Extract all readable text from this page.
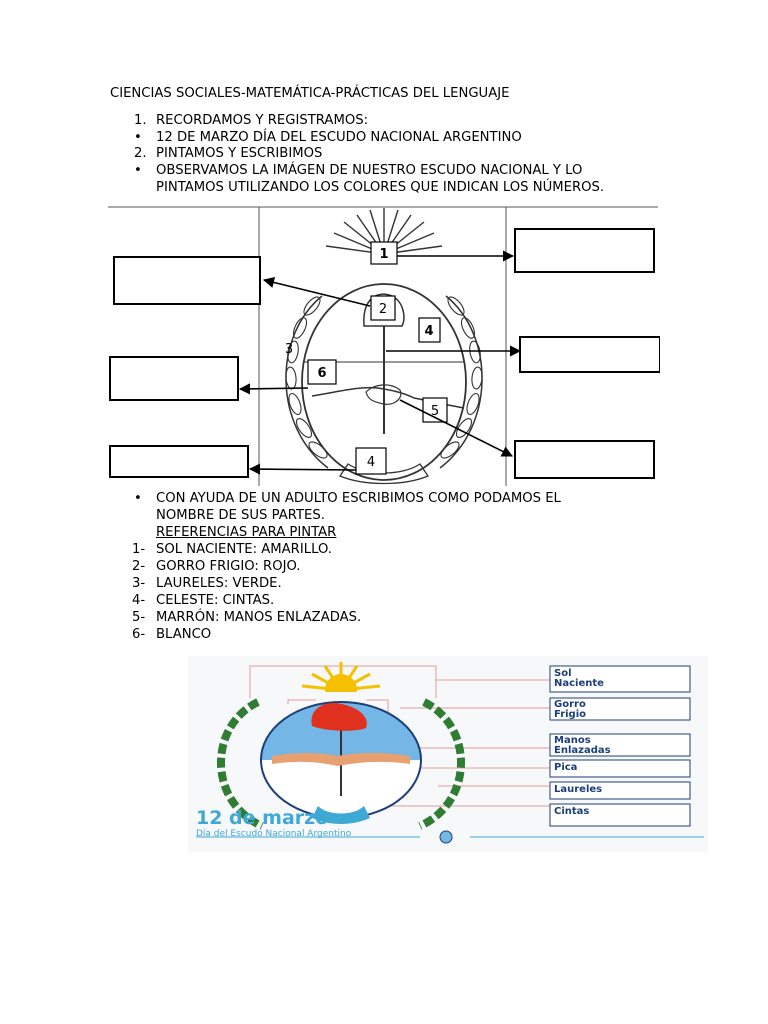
CIENCIAS SOCIALES-MATEMÁTICA-PRÁCTICAS DEL LENGUAJE
1. RECORDAMOS Y REGISTRAMOS:
•	12 DE MARZO DÍA DEL ESCUDO NACIONAL ARGENTINO
2. PINTAMOS Y ESCRIBIMOS
•	OBSERVAMOS LA IMÁGEN DE NUESTRO ESCUDO NACIONAL Y LO
PINTAMOS UTILIZANDO LOS COLORES QUE INDICAN LOS NÚMEROS.
1
2
3
4
5
6
4
•	CON AYUDA DE UN ADULTO ESCRIBIMOS COMO PODAMOS EL
NOMBRE DE SUS PARTES.
REFERENCIAS PARA PINTAR
1- SOL NACIENTE: AMARILLO.
2- GORRO FRIGIO: ROJO.
3- LAURELES: VERDE.
4- CELESTE: CINTAS.
5- MARRÓN: MANOS ENLAZADAS.
6- BLANCO
12 de marzo
Día del Escudo Nacional Argentino
Sol
Naciente
Gorro
Frigio
Manos
Enlazadas
Pica
Laureles
Cintas
